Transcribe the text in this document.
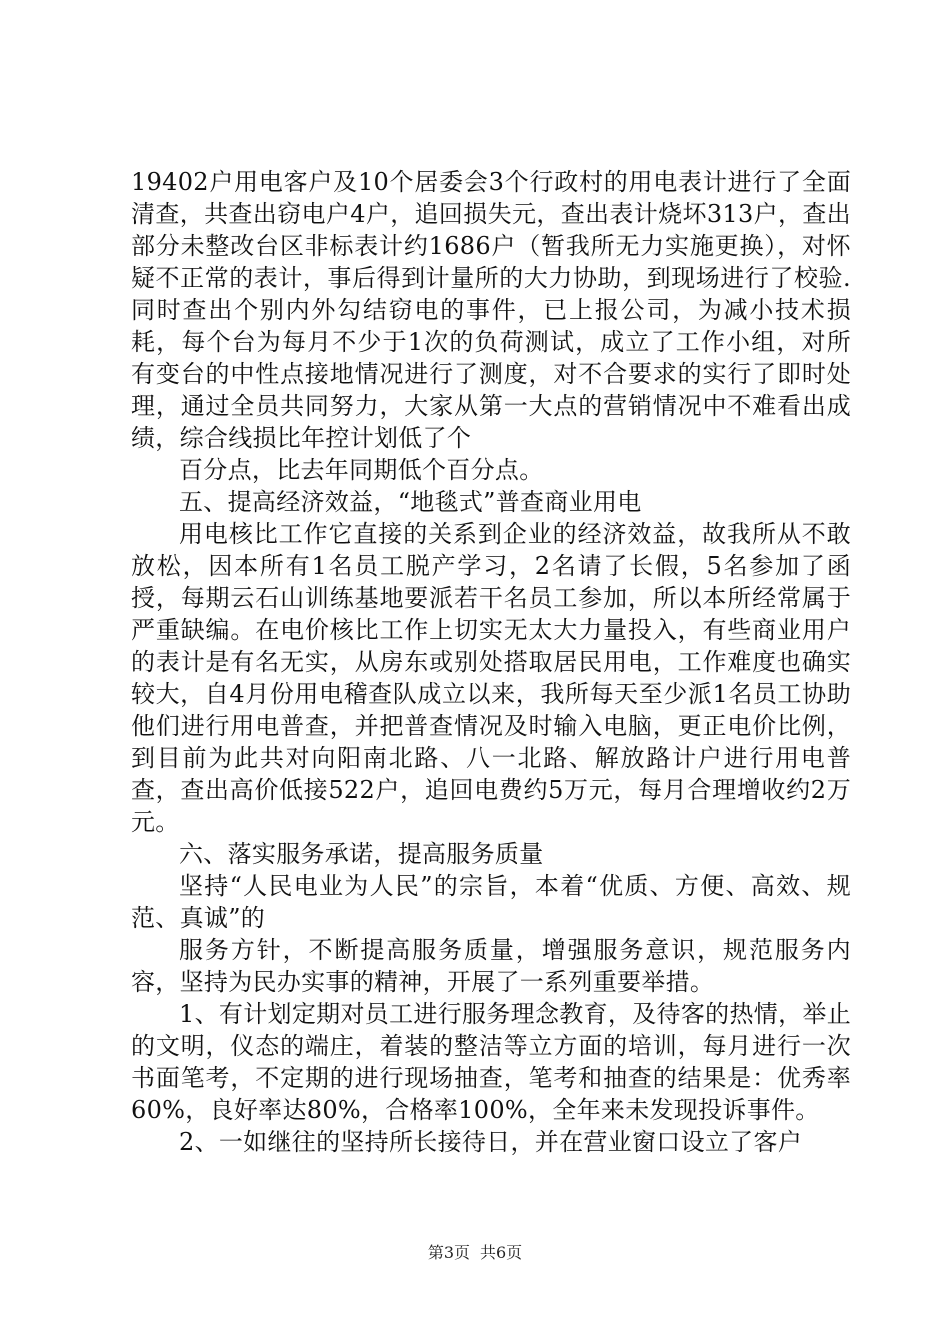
19402户用电客户及10个居委会3个行政村的用电表计进行了全面清查，共查出窃电户4户，追回损失元，查出表计烧坏313户，查出部分未整改台区非标表计约1686户（暂我所无力实施更换），对怀疑不正常的表计，事后得到计量所的大力协助，到现场进行了校验.同时查出个别内外勾结窃电的事件，已上报公司，为减小技术损耗，每个台为每月不少于1次的负荷测试，成立了工作小组，对所有变台的中性点接地情况进行了测度，对不合要求的实行了即时处理，通过全员共同努力，大家从第一大点的营销情况中不难看出成绩，综合线损比年控计划低了个

百分点，比去年同期低个百分点。

五、提高经济效益，“地毯式”普查商业用电

用电核比工作它直接的关系到企业的经济效益，故我所从不敢放松，因本所有1名员工脱产学习，2名请了长假，5名参加了函授，每期云石山训练基地要派若干名员工参加，所以本所经常属于严重缺编。在电价核比工作上切实无太大力量投入，有些商业用户的表计是有名无实，从房东或别处搭取居民用电，工作难度也确实较大，自4月份用电稽查队成立以来，我所每天至少派1名员工协助他们进行用电普查，并把普查情况及时输入电脑，更正电价比例，到目前为此共对向阳南北路、八一北路、解放路计户进行用电普查，查出高价低接522户，追回电费约5万元，每月合理增收约2万元。

六、落实服务承诺，提高服务质量

坚持“人民电业为人民”的宗旨，本着“优质、方便、高效、规范、真诚”的

服务方针，不断提高服务质量，增强服务意识，规范服务内容，坚持为民办实事的精神，开展了一系列重要举措。

1、有计划定期对员工进行服务理念教育，及待客的热情，举止的文明，仪态的端庄，着装的整洁等立方面的培训，每月进行一次书面笔考，不定期的进行现场抽查，笔考和抽查的结果是：优秀率60%，良好率达80%，合格率100%，全年来未发现投诉事件。

2、一如继往的坚持所长接待日，并在营业窗口设立了客户

第3页 共6页
